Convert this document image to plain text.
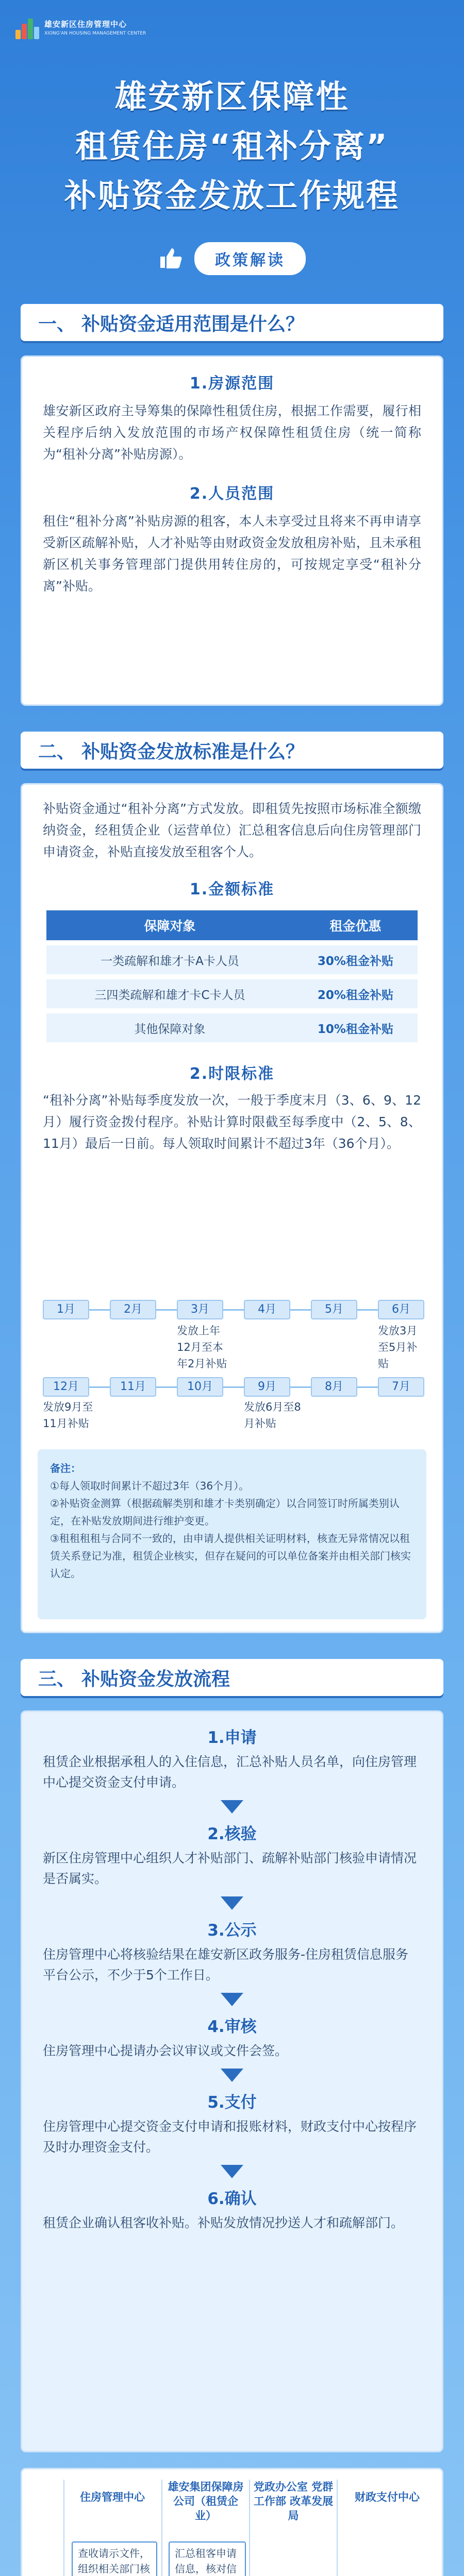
雄安新区住房管理中心
XIONG'AN HOUSING MANAGEMENT CENTER
雄安新区保障性
租赁住房“租补分离”
补贴资金发放工作规程
政策解读
一、 补贴资金适用范围是什么？
1.房源范围
雄安新区政府主导筹集的保障性租赁住房，根据工作需要，履行相关程序后纳入发放范围的市场产权保障性租赁住房（统一简称为“租补分离”补贴房源）。
2.人员范围
租住“租补分离”补贴房源的租客，本人未享受过且将来不再申请享受新区疏解补贴，人才补贴等由财政资金发放租房补贴，且未承租新区机关事务管理部门提供用转住房的，可按规定享受“租补分离”补贴。
二、 补贴资金发放标准是什么？
补贴资金通过“租补分离”方式发放。即租赁先按照市场标准全额缴纳资金，经租赁企业（运营单位）汇总租客信息后向住房管理部门申请资金，补贴直接发放至租客个人。
1.金额标准
保障对象	租金优惠
一类疏解和雄才卡A卡人员	30%租金补贴
三四类疏解和雄才卡C卡人员	20%租金补贴
其他保障对象	10%租金补贴
2.时限标准
“租补分离”补贴每季度发放一次，一般于季度末月（3、6、9、12月）履行资金拨付程序。补贴计算时限截至每季度中（2、5、8、11月）最后一日前。每人领取时间累计不超过3年（36个月）。
1月	2月	3月	4月	5月	6月
发放上年12月至本年2月补贴
发放3月至5月补贴
12月	11月	10月	9月	8月	7月
发放9月至11月补贴
发放6月至8月补贴
备注：
①每人领取时间累计不超过3年（36个月）。
②补贴资金测算（根据疏解类别和雄才卡类别确定）以合同签订时所属类别认定，在补贴发放期间进行维护变更。
③租租租租与合同不一致的，由申请人提供相关证明材料，核查无异常情况以租赁关系登记为准，租赁企业核实，但存在疑问的可以单位备案并由相关部门核实认定。
三、 补贴资金发放流程
1.申请
租赁企业根据承租人的入住信息，汇总补贴人员名单，向住房管理中心提交资金支付申请。
2.核验
新区住房管理中心组织人才补贴部门、疏解补贴部门核验申请情况是否属实。
3.公示
住房管理中心将核验结果在雄安新区政务服务-住房租赁信息服务平台公示，不少于5个工作日。
4.审核
住房管理中心提请办会议审议或文件会签。
5.支付
住房管理中心提交资金支付申请和报账材料，财政支付中心按程序及时办理资金支付。
6.确认
租赁企业确认租客收补贴。补贴发放情况抄送人才和疏解部门。
住房管理中心
雄安集团保障房公司（租赁企业）
党政办公室 党群工作部 改革发展局
财政支付中心
查收请示文件，组织相关部门核
汇总租客申请信息，核对信
